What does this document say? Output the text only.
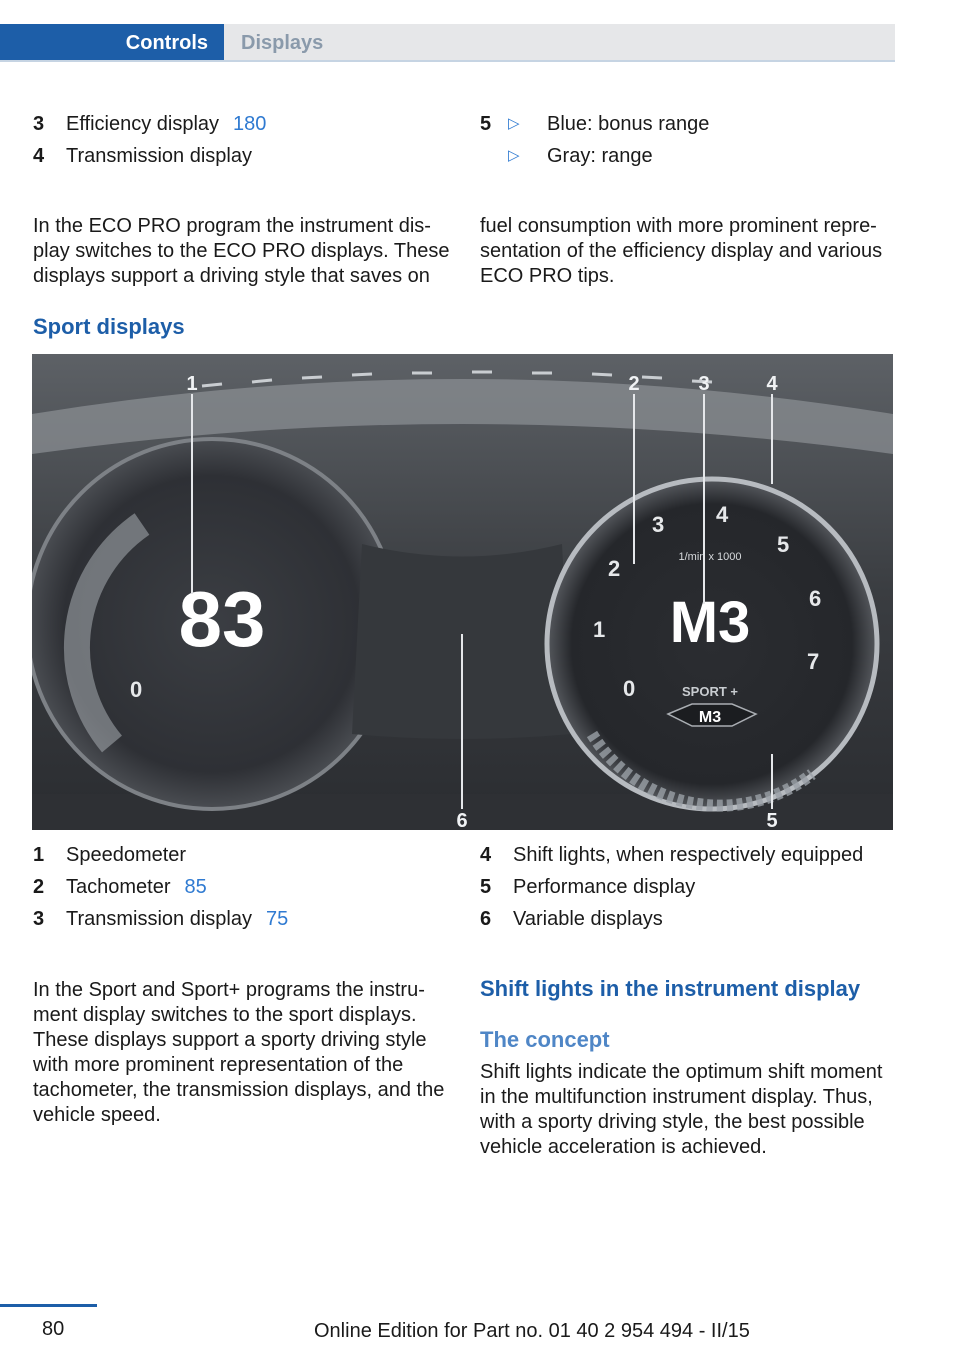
Controls	Displays
3 Efficiency display 180
4 Transmission display
5 ▷ Blue: bonus range
▷ Gray: range

In the ECO PRO program the instrument dis‐ play switches to the ECO PRO displays. These displays support a driving style that saves on

fuel consumption with more prominent repre‐ sentation of the efficiency display and various ECO PRO tips.

Sport displays
83
0	0
1
2
3 4
5
6
7
1/min x 1000
M3
SPORT +
M3
1	2	3	4
5
6
1 Speedometer
2 Tachometer 85
3 Transmission display 75
4 Shift lights, when respectively equipped
5 Performance display
6 Variable displays

In the Sport and Sport+ programs the instru‐ ment display switches to the sport displays. These displays support a sporty driving style with more prominent representation of the tachometer, the transmission displays, and the vehicle speed.

Shift lights in the instrument display
The concept

Shift lights indicate the optimum shift moment in the multifunction instrument display. Thus, with a sporty driving style, the best possible vehicle acceleration is achieved.

80	Online Edition for Part no. 01 40 2 954 494 - II/15
